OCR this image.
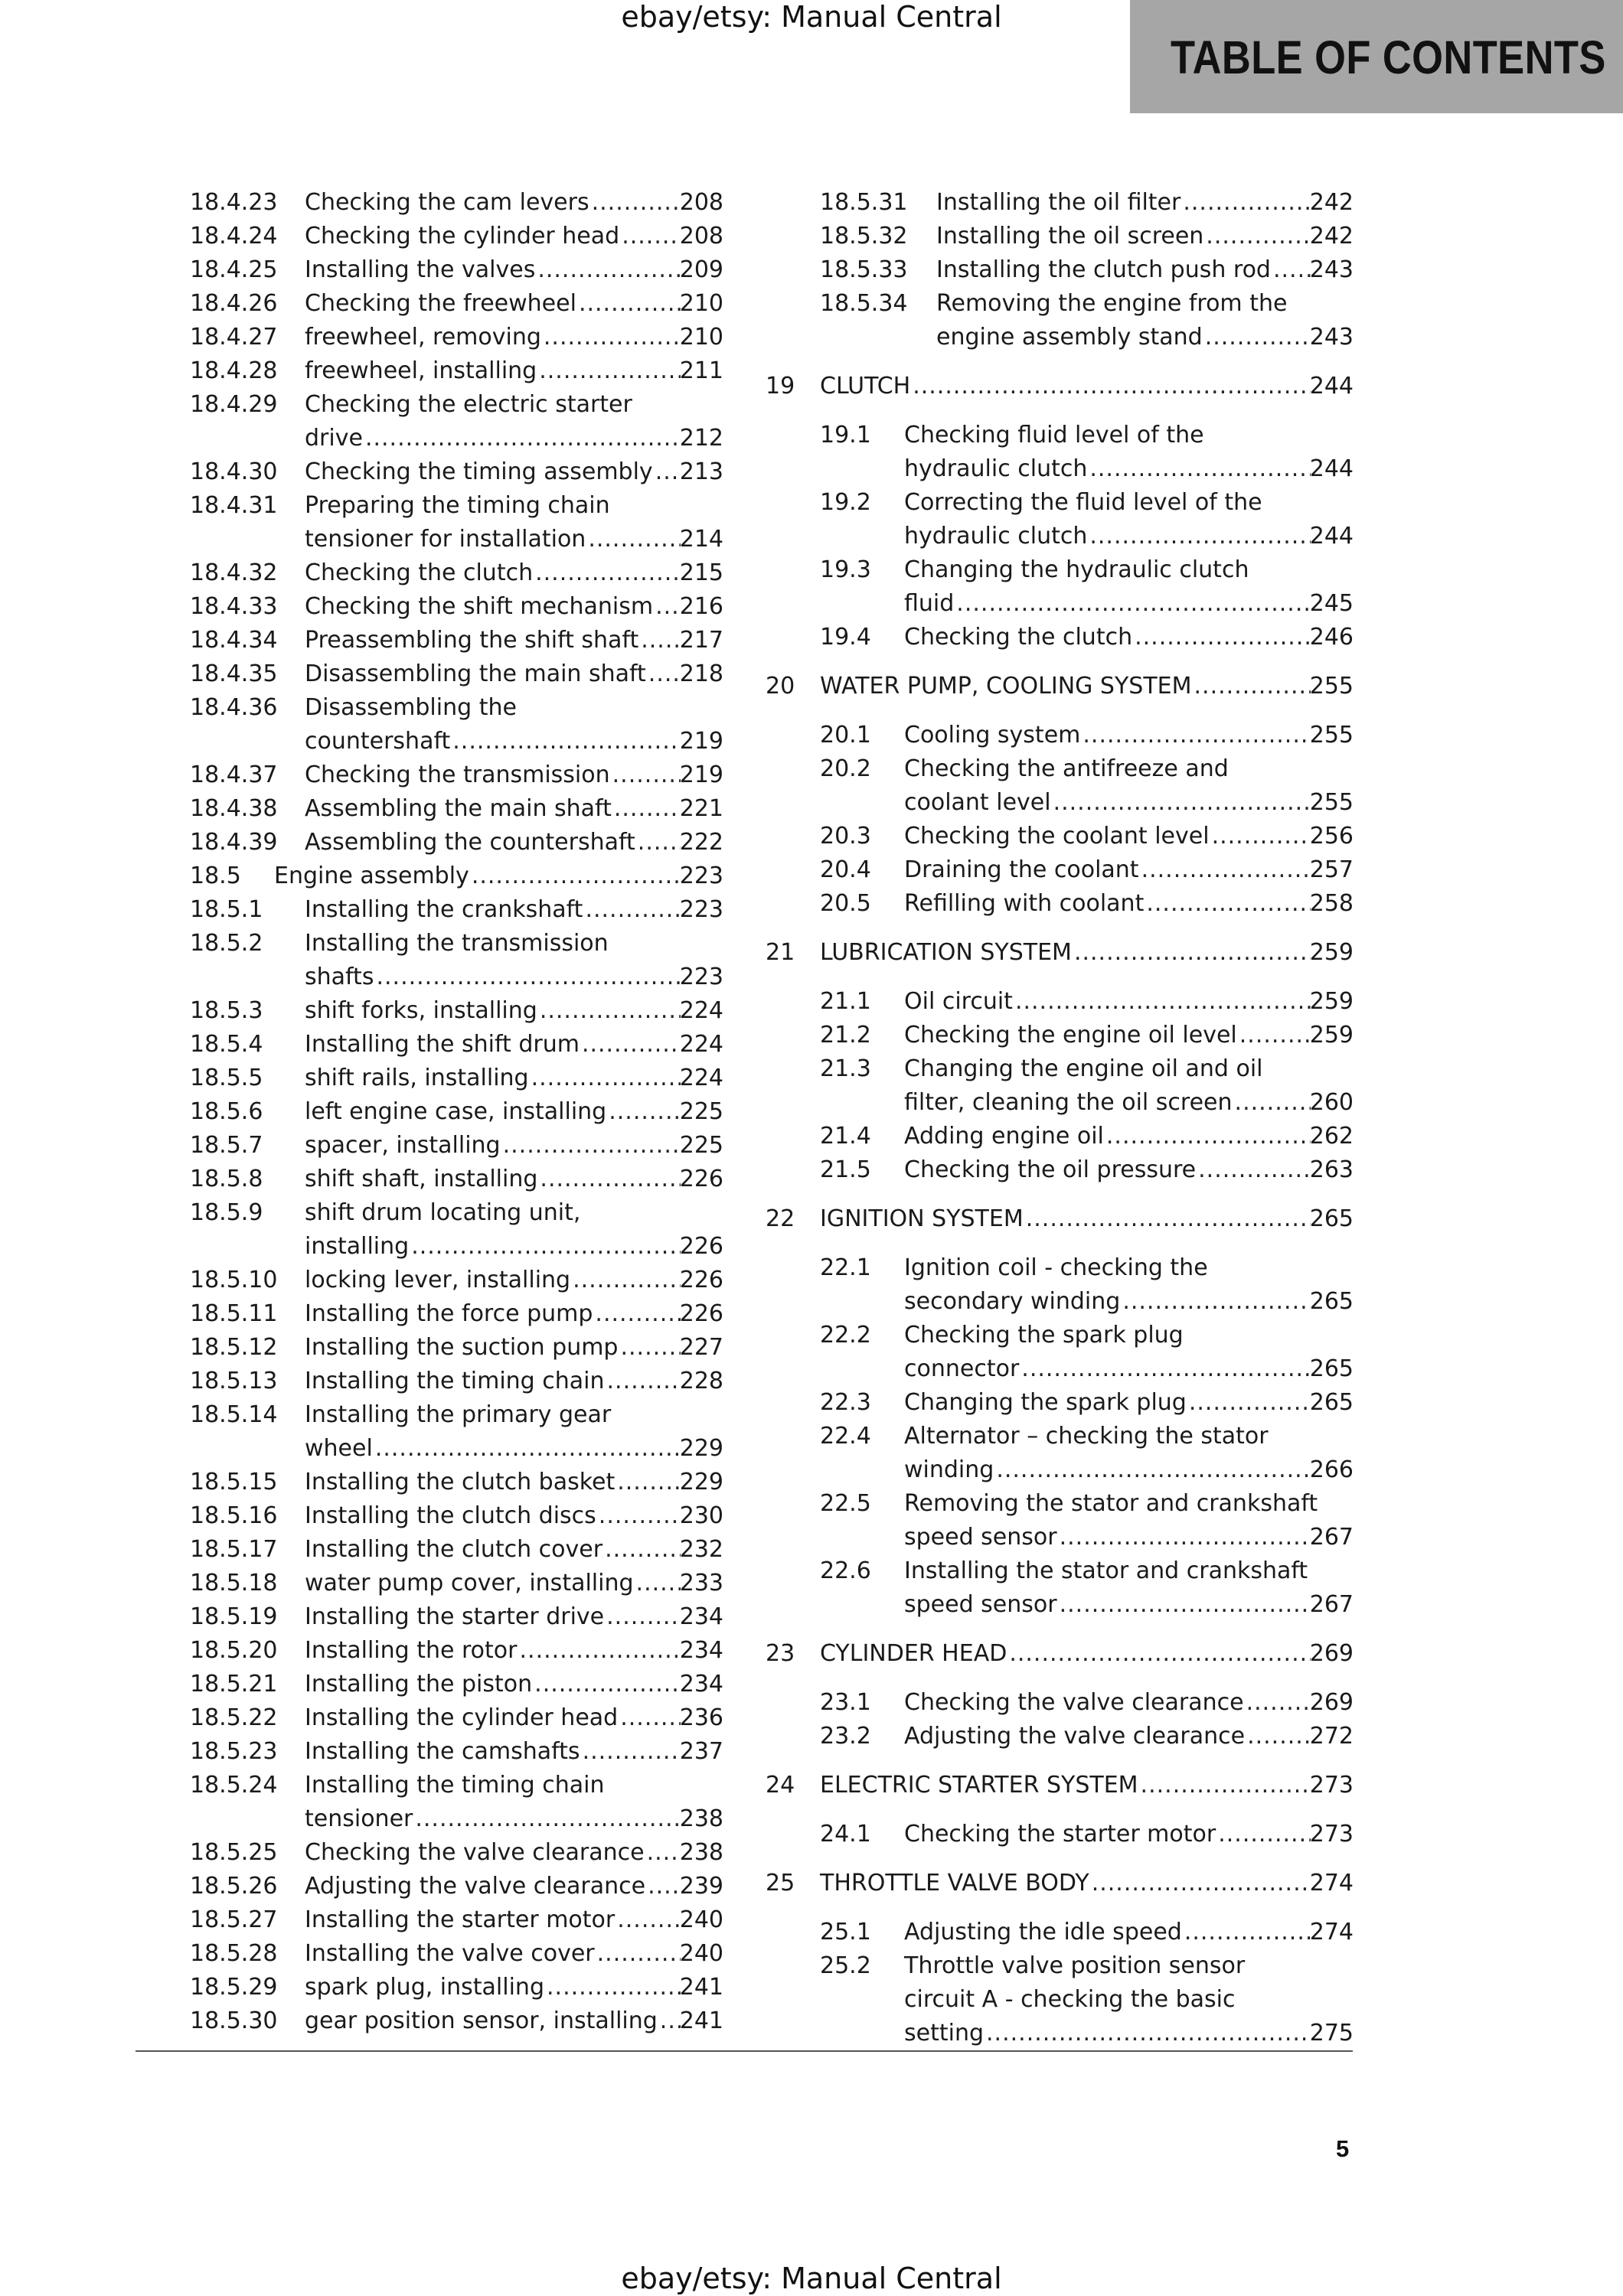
ebay/etsy: Manual Central
TABLE OF CONTENTS
18.4.23 Checking the cam levers .....	208
18.4.24 Checking the cylinder head .....	208
18.4.25 Installing the valves .....	209
18.4.26 Checking the freewheel .....	210
18.4.27 freewheel, removing .....	210
18.4.28 freewheel, installing .....	211
18.4.29 Checking the electric starter
drive .....	212
18.4.30 Checking the timing assembly ..... 213
18.4.31 Preparing the timing chain
tensioner for installation .....	214
18.4.32 Checking the clutch .....	215
18.4.33 Checking the shift mechanism ..... 216
18.4.34 Preassembling the shift shaft ..... 217
18.4.35 Disassembling the main shaft ..... 218
18.4.36 Disassembling the
countershaft .....	219
18.4.37 Checking the transmission .....	219
18.4.38 Assembling the main shaft .....	221
18.4.39 Assembling the countershaft ..... 222
18.5 Engine assembly .....	223
18.5.1 Installing the crankshaft .....	223
18.5.2 Installing the transmission
shafts .....	223
18.5.3 shift forks, installing .....	224
18.5.4 Installing the shift drum .....	224
18.5.5 shift rails, installing .....	224
18.5.6 left engine case, installing .....	225
18.5.7 spacer, installing .....	225
18.5.8 shift shaft, installing .....	226
18.5.9 shift drum locating unit,
installing .....	226
18.5.10 locking lever, installing .....	226
18.5.11 Installing the force pump .....	226
18.5.12 Installing the suction pump .....	227
18.5.13 Installing the timing chain .....	228
18.5.14 Installing the primary gear
wheel .....	229
18.5.15 Installing the clutch basket .....	229
18.5.16 Installing the clutch discs .....	230
18.5.17 Installing the clutch cover .....	232
18.5.18 water pump cover, installing ..... 233
18.5.19 Installing the starter drive .....	234
18.5.20 Installing the rotor .....	234
18.5.21 Installing the piston .....	234
18.5.22 Installing the cylinder head .....	236
18.5.23 Installing the camshafts .....	237
18.5.24 Installing the timing chain
tensioner .....	238
18.5.25 Checking the valve clearance ..... 238
18.5.26 Adjusting the valve clearance ..... 239
18.5.27 Installing the starter motor .....	240
18.5.28 Installing the valve cover .....	240
18.5.29 spark plug, installing .....	241
18.5.30 gear position sensor, installing ..... 241
18.5.31 Installing the oil filter .....	242
18.5.32 Installing the oil screen .....	242
18.5.33 Installing the clutch push rod ..... 243
18.5.34 Removing the engine from the
engine assembly stand .....	243
19 CLUTCH .....	244
19.1 Checking fluid level of the
hydraulic clutch .....	244
19.2 Correcting the fluid level of the
hydraulic clutch .....	244
19.3 Changing the hydraulic clutch
fluid .....	245
19.4 Checking the clutch .....	246
20 WATER PUMP, COOLING SYSTEM .....	255
20.1 Cooling system .....	255
20.2 Checking the antifreeze and
coolant level .....	255
20.3 Checking the coolant level .....	256
20.4 Draining the coolant .....	257
20.5 Refilling with coolant .....	258
21 LUBRICATION SYSTEM .....	259
21.1 Oil circuit .....	259
21.2 Checking the engine oil level .....	259
21.3 Changing the engine oil and oil
filter, cleaning the oil screen .....	260
21.4 Adding engine oil .....	262
21.5 Checking the oil pressure .....	263
22 IGNITION SYSTEM .....	265
22.1 Ignition coil - checking the
secondary winding .....	265
22.2 Checking the spark plug
connector .....	265
22.3 Changing the spark plug .....	265
22.4 Alternator – checking the stator
winding .....	266
22.5 Removing the stator and crankshaft
speed sensor .....	267
22.6 Installing the stator and crankshaft
speed sensor .....	267
23 CYLINDER HEAD .....	269
23.1 Checking the valve clearance .....	269
23.2 Adjusting the valve clearance .....	272
24 ELECTRIC STARTER SYSTEM .....	273
24.1 Checking the starter motor .....	273
25 THROTTLE VALVE BODY .....	274
25.1 Adjusting the idle speed .....	274
25.2 Throttle valve position sensor
circuit A - checking the basic
setting .....	275
5
ebay/etsy: Manual Central
